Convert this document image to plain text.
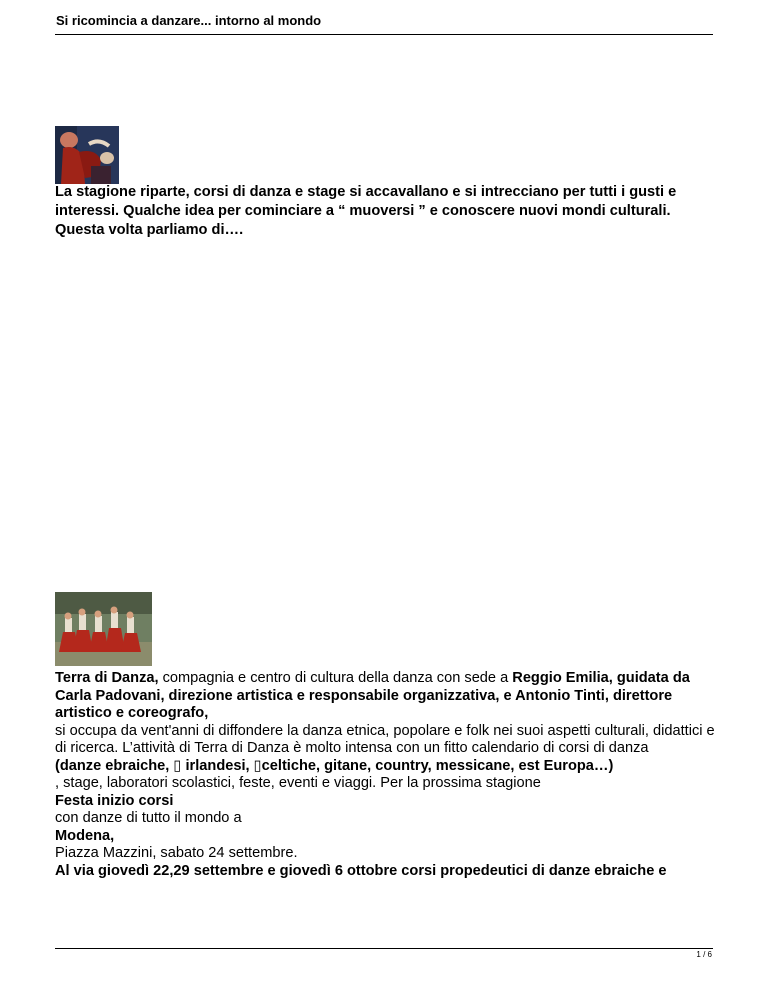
Si ricomincia a danzare... intorno al mondo
La stagione riparte, corsi di danza e stage si accavallano e si intrecciano per tutti i gusti e interessi. Qualche idea per cominciare a “ muoversi ” e conoscere nuovi mondi culturali. Questa volta parliamo di….

Terra di Danza, compagnia e centro di cultura della danza con sede a Reggio Emilia, guidata da Carla Padovani, direzione artistica e responsabile organizzativa, e Antonio Tinti, direttore artistico e coreografo,

si occupa da vent'anni di diffondere la danza etnica, popolare e folk nei suoi aspetti culturali, didattici e di ricerca. L’attività di Terra di Danza è molto intensa con un fitto calendario di corsi di danza

(danze ebraiche, ▯ irlandesi, ▯celtiche, gitane, country, messicane, est Europa…)

, stage, laboratori scolastici, feste, eventi e viaggi. Per la prossima stagione

Festa inizio corsi

con danze di tutto il mondo a

Modena,

Piazza Mazzini, sabato 24 settembre.

Al via giovedì 22,29 settembre e giovedì 6 ottobre corsi propedeutici di danze ebraiche e

1 / 6
